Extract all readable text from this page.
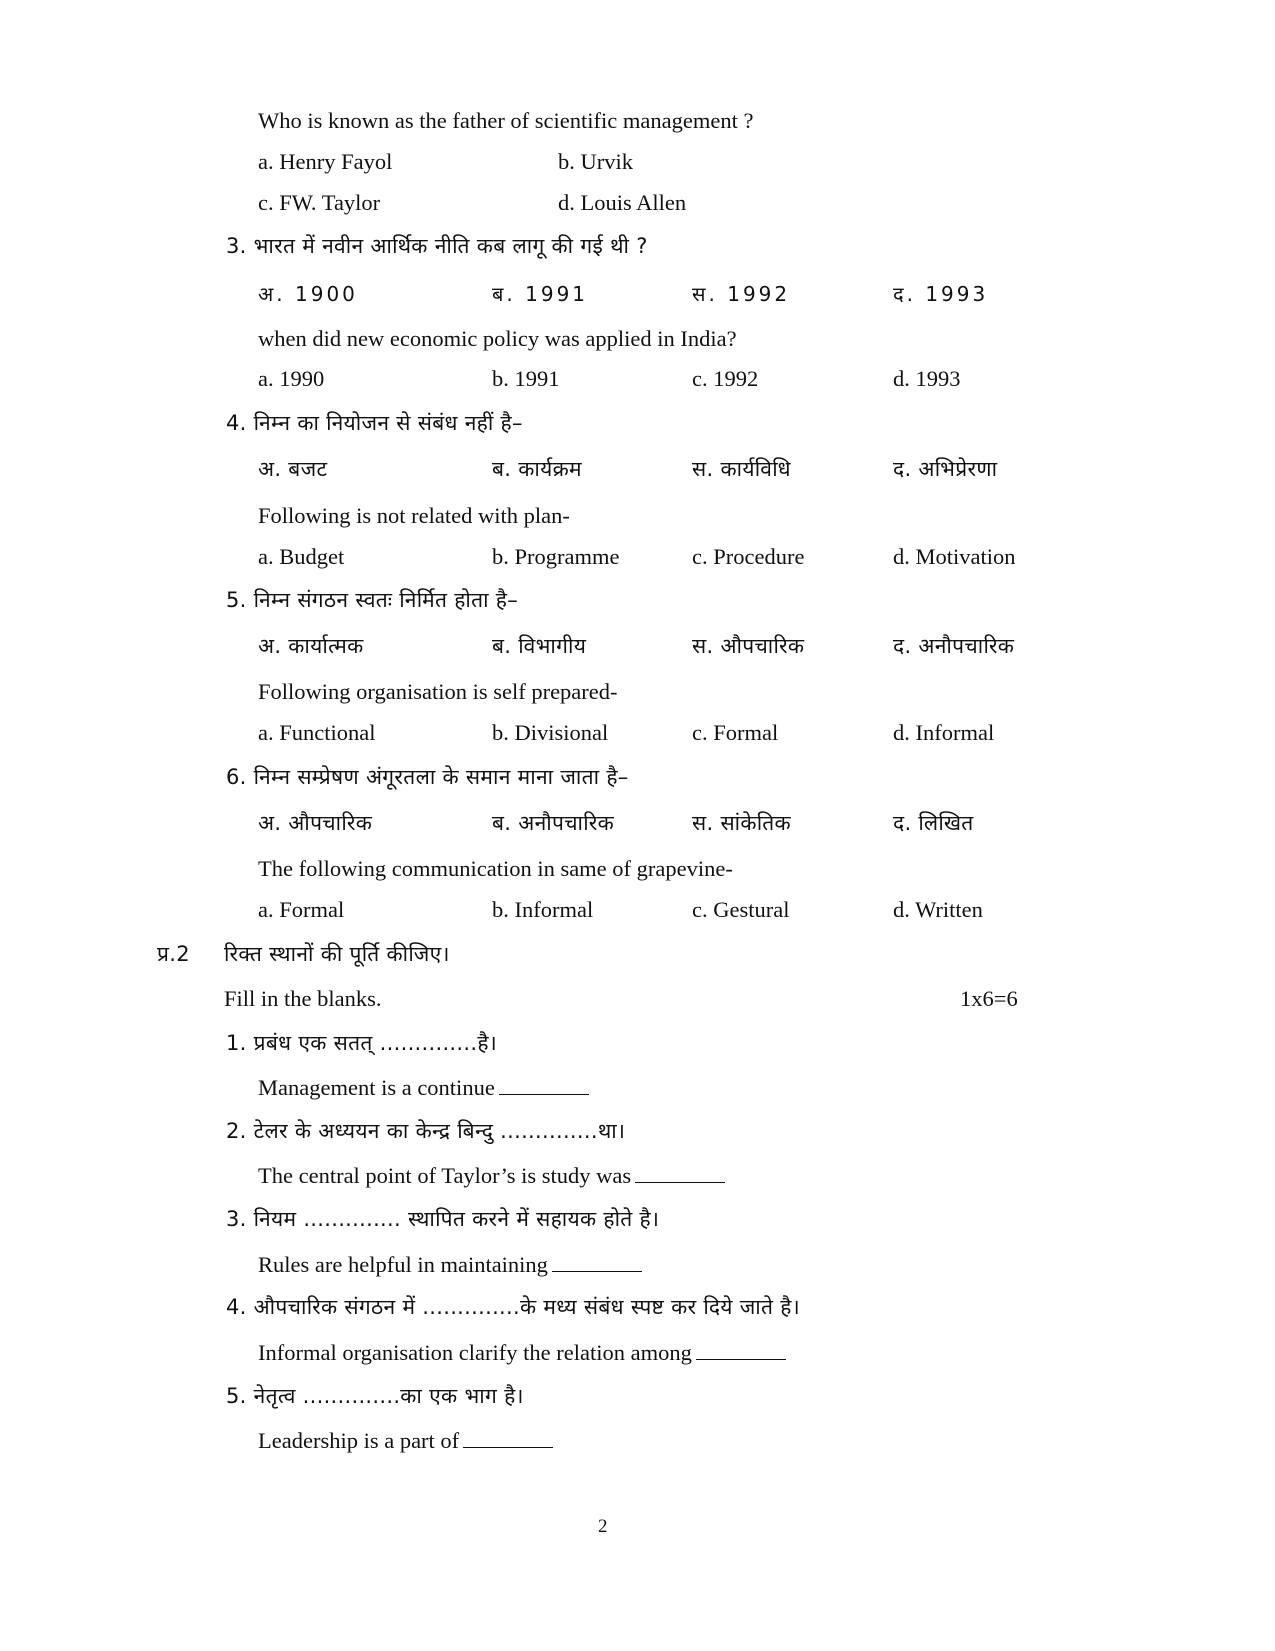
Who is known as the father of scientific management ?
a. Henry Fayol	b. Urvik
c. FW. Taylor	d. Louis Allen
3. भारत में नवीन आर्थिक नीति कब लागू की गई थी ?
अ. 1900	ब. 1991	स. 1992	द. 1993
when did new economic policy was applied in India?
a. 1990	b. 1991	c. 1992	d. 1993
4. निम्न का नियोजन से संबंध नहीं है–
अ. बजट	ब. कार्यक्रम	स. कार्यविधि	द. अभिप्रेरणा
Following is not related with plan-
a. Budget	b. Programme	c. Procedure	d. Motivation
5. निम्न संगठन स्वतः निर्मित होता है–
अ. कार्यात्मक	ब. विभागीय	स. औपचारिक	द. अनौपचारिक
Following organisation is self prepared-
a. Functional	b. Divisional	c. Formal	d. Informal
6. निम्न सम्प्रेषण अंगूरतला के समान माना जाता है–
अ. औपचारिक	ब. अनौपचारिक	स. सांकेतिक	द. लिखित
The following communication in same of grapevine-
a. Formal	b. Informal	c. Gestural	d. Written
प्र.2 रिक्त स्थानों की पूर्ति कीजिए।
Fill in the blanks.	1x6=6
1. प्रबंध एक सतत् ..............है।
Management is a continue
2. टेलर के अध्ययन का केन्द्र बिन्दु ..............था।
The central point of Taylor’s is study was
3. नियम .............. स्थापित करने में सहायक होते है।
Rules are helpful in maintaining
4. औपचारिक संगठन में ..............के मध्य संबंध स्पष्ट कर दिये जाते है।
Informal organisation clarify the relation among
5. नेतृत्व ..............का एक भाग है।
Leadership is a part of
2
